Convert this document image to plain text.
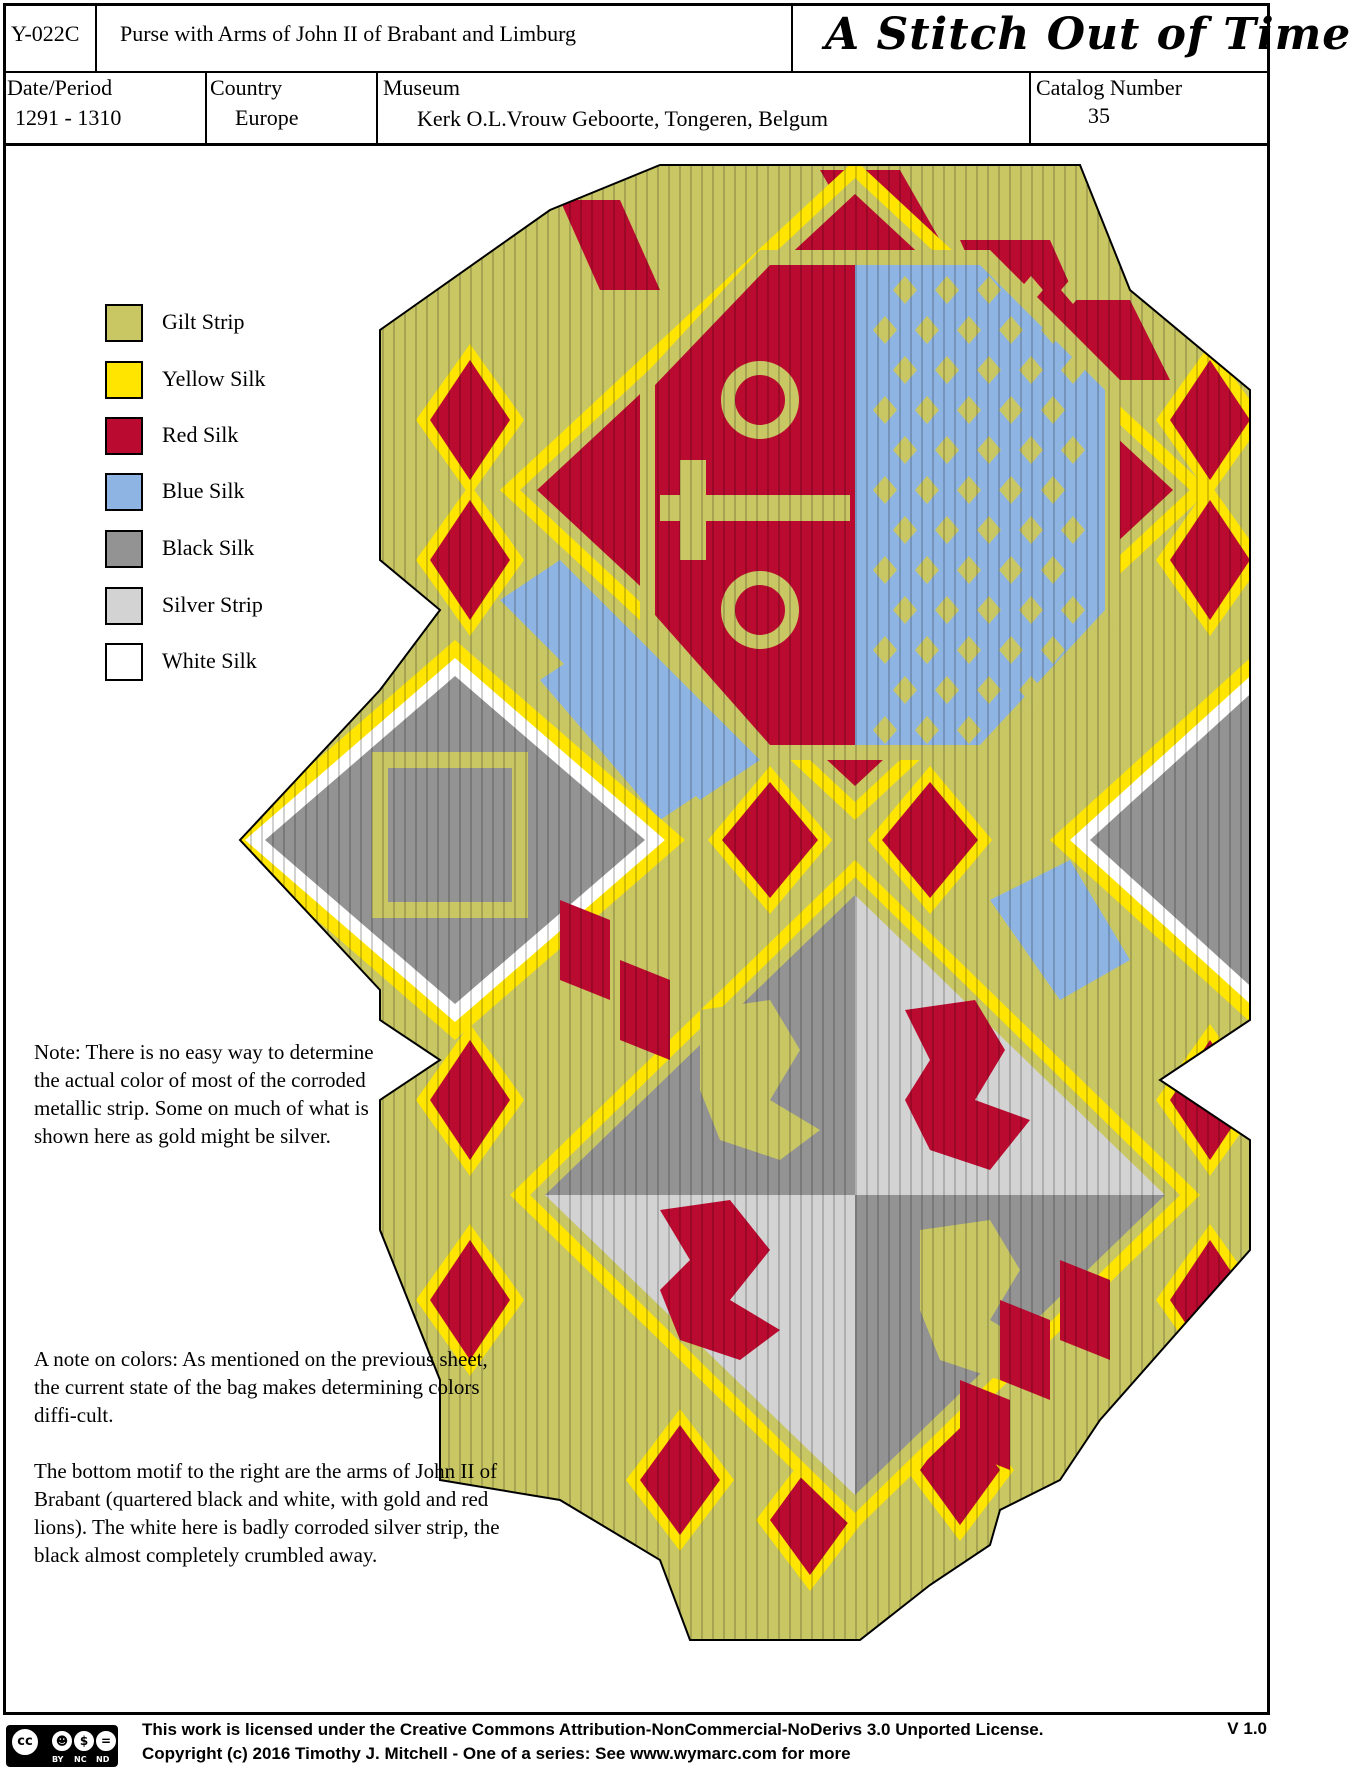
Y-022C Purse with Arms of John II of Brabant and Limburg	A Stitch Out of Time
Date/Period
1291 - 1310
Country
Europe
Museum
Kerk O.L.Vrouw Geboorte, Tongeren, Belgum
Catalog Number
35
Gilt Strip
Yellow Silk
Red Silk
Blue Silk
Black Silk
Silver Strip
White Silk

Note: There is no easy way to determine the actual color of most of the corroded metallic strip. Some on much of what is shown here as gold might be silver.

A note on colors: As mentioned on the previous sheet, the current state of the bag makes determining colors diffi-cult.

The bottom motif to the right are the arms of John II of Brabant (quartered black and white, with gold and red lions). The white here is badly corroded silver strip, the black almost completely crumbled away.

cc	☻ $	=
BY NC ND
This work is licensed under the Creative Commons Attribution-NonCommercial-NoDerivs 3.0 Unported License.
Copyright (c) 2016 Timothy J. Mitchell - One of a series: See www.wymarc.com for more
V 1.0
